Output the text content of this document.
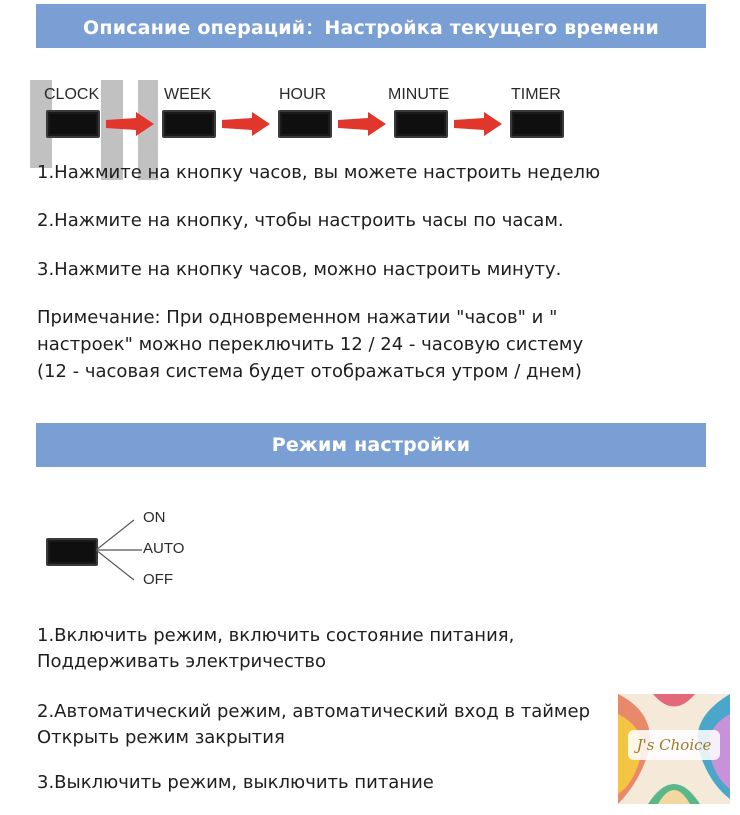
Описание операций：Настройка текущего времени
CLOCK	WEEK	HOUR	MINUTE	TIMER
1.Нажмите на кнопку часов, вы можете настроить неделю
2.Нажмите на кнопку, чтобы настроить часы по часам.
3.Нажмите на кнопку часов, можно настроить минуту.
Примечание: При одновременном нажатии "часов" и "
настроек" можно переключить 12 / 24 - часовую систему
(12 - часовая система будет отображаться утром / днем)
Режим настройки
ON
AUTO
OFF
1.Включить режим, включить состояние питания,
Поддерживать электричество
2.Автоматический режим, автоматический вход в таймер
Открыть режим закрытия
3.Выключить режим, выключить питание
J's Choice
